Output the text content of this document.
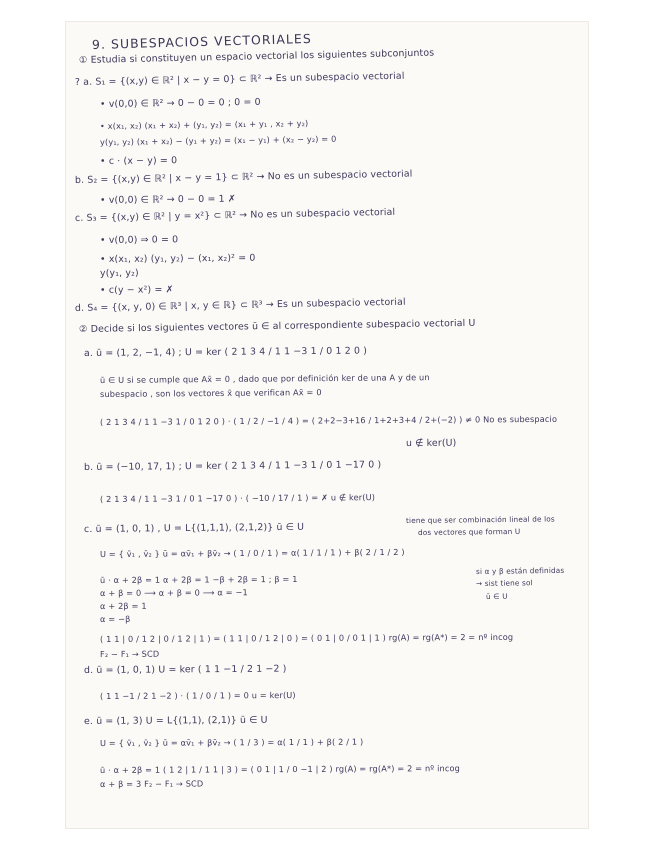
9. SUBESPACIOS VECTORIALES
① Estudia si constituyen un espacio vectorial los siguientes subconjuntos
? a. S₁ = {(x,y) ∈ ℝ² | x − y = 0} ⊂ ℝ² → Es un subespacio vectorial
• v(0,0) ∈ ℝ² → 0 − 0 = 0 ; 0 = 0
• x(x₁, x₂) (x₁ + x₂) + (y₁, y₂) = (x₁ + y₁ , x₂ + y₂)
y(y₁, y₂) (x₁ + x₂) − (y₁ + y₂) = (x₁ − y₁) + (x₂ − y₂) = 0
• c · (x − y) = 0
b. S₂ = {(x,y) ∈ ℝ² | x − y = 1} ⊂ ℝ² → No es un subespacio vectorial
• v(0,0) ∈ ℝ² → 0 − 0 = 1 ✗
c. S₃ = {(x,y) ∈ ℝ² | y = x²} ⊂ ℝ² → No es un subespacio vectorial
• v(0,0) ⇒ 0 = 0
• x(x₁, x₂) (y₁, y₂) − (x₁, x₂)² = 0
y(y₁, y₂)
• c(y − x²) = ✗
d. S₄ = {(x, y, 0) ∈ ℝ³ | x, y ∈ ℝ} ⊂ ℝ³ → Es un subespacio vectorial
② Decide si los siguientes vectores ū ∈ al correspondiente subespacio vectorial U
a. ū = (1, 2, −1, 4) ; U = ker ( 2 1 3 4 / 1 1 −3 1 / 0 1 2 0 )
ū ∈ U si se cumple que Ax̄ = 0 , dado que por definición ker de una A y de un
subespacio , son los vectores x̄ que verifican Ax̄ = 0
( 2 1 3 4 / 1 1 −3 1 / 0 1 2 0 ) · ( 1 / 2 / −1 / 4 ) = ( 2+2−3+16 / 1+2+3+4 / 2+(−2) ) ≠ 0 No es subespacio
u ∉ ker(U)
b. ū = (−10, 17, 1) ; U = ker ( 2 1 3 4 / 1 1 −3 1 / 0 1 −17 0 )
( 2 1 3 4 / 1 1 −3 1 / 0 1 −17 0 ) · ( −10 / 17 / 1 ) = ✗ u ∉ ker(U)
c. ū = (1, 0, 1) , U = L{(1,1,1), (2,1,2)} ū ∈ U
tiene que ser combinación lineal de los
dos vectores que forman U
U = { v̄₁ , v̄₂ } ū = αv̄₁ + βv̄₂ → ( 1 / 0 / 1 ) = α( 1 / 1 / 1 ) + β( 2 / 1 / 2 )
ū · α + 2β = 1 α + 2β = 1 −β + 2β = 1 ; β = 1
α + β = 0 ⟶ α + β = 0 ⟶ α = −1
α + 2β = 1
α = −β
( 1 1 | 0 / 1 2 | 0 / 1 2 | 1 ) = ( 1 1 | 0 / 1 2 | 0 ) = ( 0 1 | 0 / 0 1 | 1 ) rg(A) = rg(A*) = 2 = nº incog
F₂ − F₁ → SCD
si α y β están definidas
→ sist tiene sol
ū ∈ U
d. ū = (1, 0, 1) U = ker ( 1 1 −1 / 2 1 −2 )
( 1 1 −1 / 2 1 −2 ) · ( 1 / 0 / 1 ) = 0 u = ker(U)
e. ū = (1, 3) U = L{(1,1), (2,1)} ū ∈ U
U = { v̄₁ , v̄₂ } ū = αv̄₁ + βv̄₂ → ( 1 / 3 ) = α( 1 / 1 ) + β( 2 / 1 )
ū · α + 2β = 1 ( 1 2 | 1 / 1 1 | 3 ) = ( 0 1 | 1 / 0 −1 | 2 ) rg(A) = rg(A*) = 2 = nº incog
α + β = 3 F₂ − F₁ → SCD
